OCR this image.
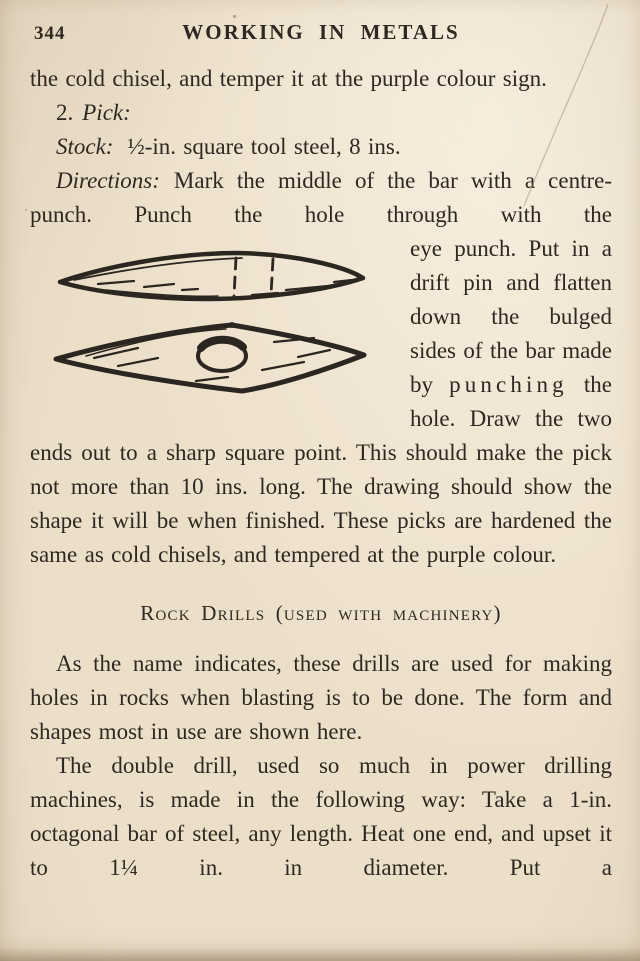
344	WORKING IN METALS

the cold chisel, and temper it at the purple colour sign.

2. Pick:

Stock: ½-in. square tool steel, 8 ins.

Directions: Mark the middle of the bar with a centre-punch. Punch the hole through with the

eye punch. Put in a drift pin and flatten down the bulged sides of the bar made by punching the hole. Draw the two ends out to a sharp square point. This should make the pick not more than 10 ins. long. The drawing should show the shape it will be when finished. These picks are hardened the same as cold chisels, and tempered at the purple colour.

Rock Drills (used with machinery)

As the name indicates, these drills are used for making holes in rocks when blasting is to be done. The form and shapes most in use are shown here.

The double drill, used so much in power drilling machines, is made in the following way: Take a 1-in. octagonal bar of steel, any length. Heat one end, and upset it to 1¼ in. in diameter. Put a
